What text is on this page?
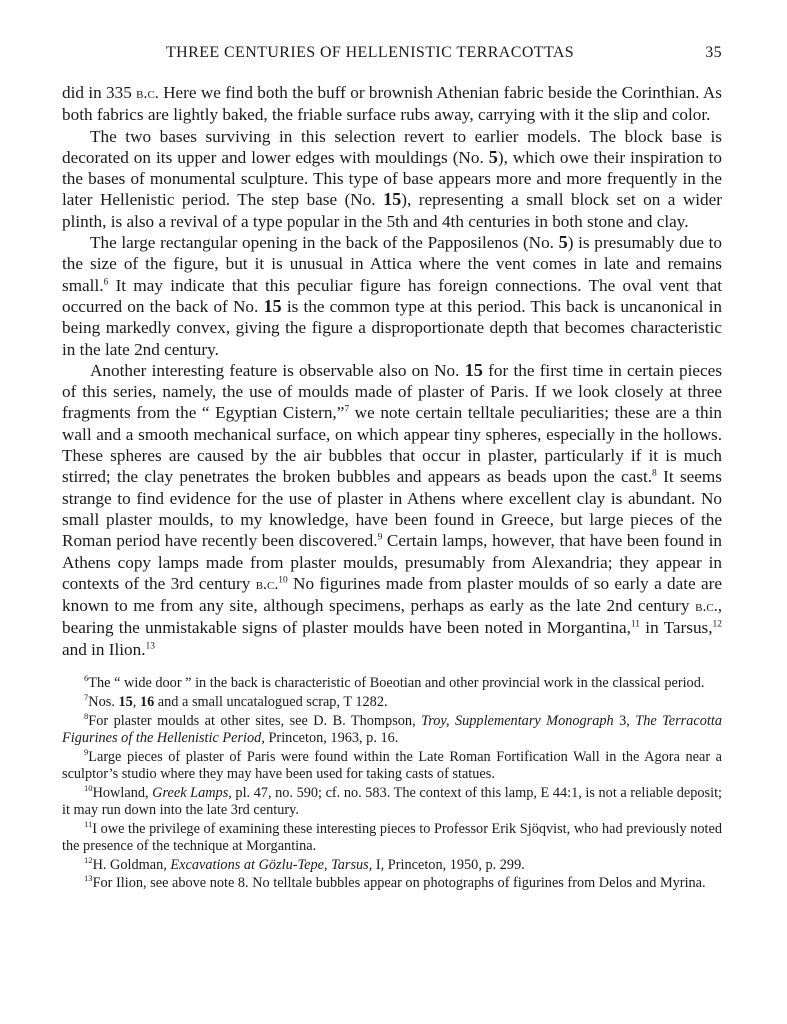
THREE CENTURIES OF HELLENISTIC TERRACOTTAS	35

did in 335 b.c. Here we find both the buff or brownish Athenian fabric beside the Corinthian. As both fabrics are lightly baked, the friable surface rubs away, carrying with it the slip and color.

The two bases surviving in this selection revert to earlier models. The block base is decorated on its upper and lower edges with mouldings (No. 5), which owe their inspiration to the bases of monumental sculpture. This type of base appears more and more frequently in the later Hellenistic period. The step base (No. 15), representing a small block set on a wider plinth, is also a revival of a type popular in the 5th and 4th centuries in both stone and clay.

The large rectangular opening in the back of the Papposilenos (No. 5) is presumably due to the size of the figure, but it is unusual in Attica where the vent comes in late and remains small.$^6$ It may indicate that this peculiar figure has foreign connections. The oval vent that occurred on the back of No. 15 is the common type at this period. This back is uncanonical in being markedly convex, giving the figure a disproportionate depth that becomes characteristic in the late 2nd century.

Another interesting feature is observable also on No. 15 for the first time in certain pieces of this series, namely, the use of moulds made of plaster of Paris. If we look closely at three fragments from the “ Egyptian Cistern,”$^7$ we note certain telltale peculiarities; these are a thin wall and a smooth mechanical surface, on which appear tiny spheres, especially in the hollows. These spheres are caused by the air bubbles that occur in plaster, particularly if it is much stirred; the clay penetrates the broken bubbles and appears as beads upon the cast.$^8$ It seems strange to find evidence for the use of plaster in Athens where excellent clay is abundant. No small plaster moulds, to my knowledge, have been found in Greece, but large pieces of the Roman period have recently been discovered.$^9$ Certain lamps, however, that have been found in Athens copy lamps made from plaster moulds, presumably from Alexandria; they appear in contexts of the 3rd century b.c.$^{10}$ No figurines made from plaster moulds of so early a date are known to me from any site, although specimens, perhaps as early as the late 2nd century b.c., bearing the unmistakable signs of plaster moulds have been noted in Morgantina,$^{11}$ in Tarsus,$^{12}$ and in Ilion.$^{13}$

$^6$The “ wide door ” in the back is characteristic of Boeotian and other provincial work in the classical period.

$^7$Nos. 15, 16 and a small uncatalogued scrap, T 1282.

$^8$For plaster moulds at other sites, see D. B. Thompson, Troy, Supplementary Monograph 3, The Terracotta Figurines of the Hellenistic Period, Princeton, 1963, p. 16.

$^9$Large pieces of plaster of Paris were found within the Late Roman Fortification Wall in the Agora near a sculptor’s studio where they may have been used for taking casts of statues.

$^{10}$Howland, Greek Lamps, pl. 47, no. 590; cf. no. 583. The context of this lamp, E 44:1, is not a reliable deposit; it may run down into the late 3rd century.

$^{11}$I owe the privilege of examining these interesting pieces to Professor Erik Sjöqvist, who had previously noted the presence of the technique at Morgantina.

$^{12}$H. Goldman, Excavations at Gözlu-Tepe, Tarsus, I, Princeton, 1950, p. 299.

$^{13}$For Ilion, see above note 8. No telltale bubbles appear on photographs of figurines from Delos and Myrina.
